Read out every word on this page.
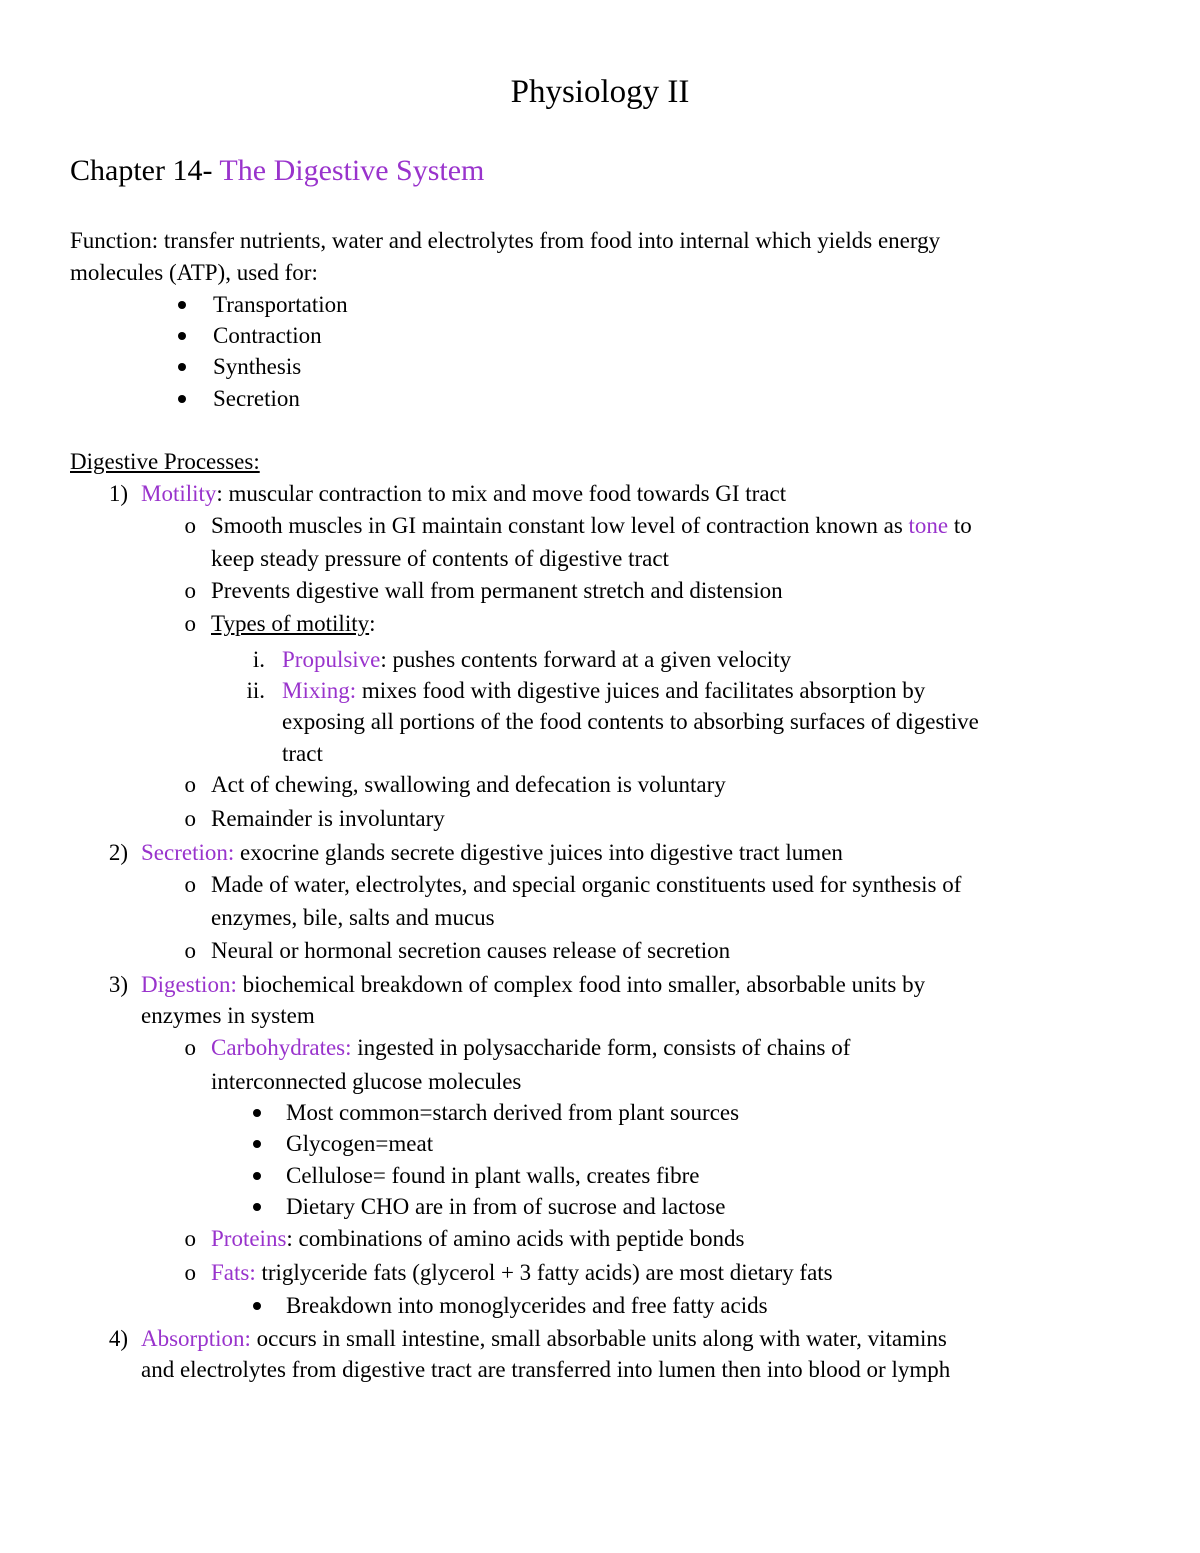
Physiology II
Chapter 14- The Digestive System
Function: transfer nutrients, water and electrolytes from food into internal which yields energy
molecules (ATP), used for:
Transportation
Contraction
Synthesis
Secretion
Digestive Processes:
1) Motility: muscular contraction to mix and move food towards GI tract
o Smooth muscles in GI maintain constant low level of contraction known as tone to
keep steady pressure of contents of digestive tract
o Prevents digestive wall from permanent stretch and distension
o Types of motility:
i. Propulsive: pushes contents forward at a given velocity
ii. Mixing: mixes food with digestive juices and facilitates absorption by
exposing all portions of the food contents to absorbing surfaces of digestive
tract
o Act of chewing, swallowing and defecation is voluntary
o Remainder is involuntary
2) Secretion: exocrine glands secrete digestive juices into digestive tract lumen
o Made of water, electrolytes, and special organic constituents used for synthesis of
enzymes, bile, salts and mucus
o Neural or hormonal secretion causes release of secretion
3) Digestion: biochemical breakdown of complex food into smaller, absorbable units by
enzymes in system
o Carbohydrates: ingested in polysaccharide form, consists of chains of
interconnected glucose molecules
Most common=starch derived from plant sources
Glycogen=meat
Cellulose= found in plant walls, creates fibre
Dietary CHO are in from of sucrose and lactose
o Proteins: combinations of amino acids with peptide bonds
o Fats: triglyceride fats (glycerol + 3 fatty acids) are most dietary fats
Breakdown into monoglycerides and free fatty acids
4) Absorption: occurs in small intestine, small absorbable units along with water, vitamins
and electrolytes from digestive tract are transferred into lumen then into blood or lymph
